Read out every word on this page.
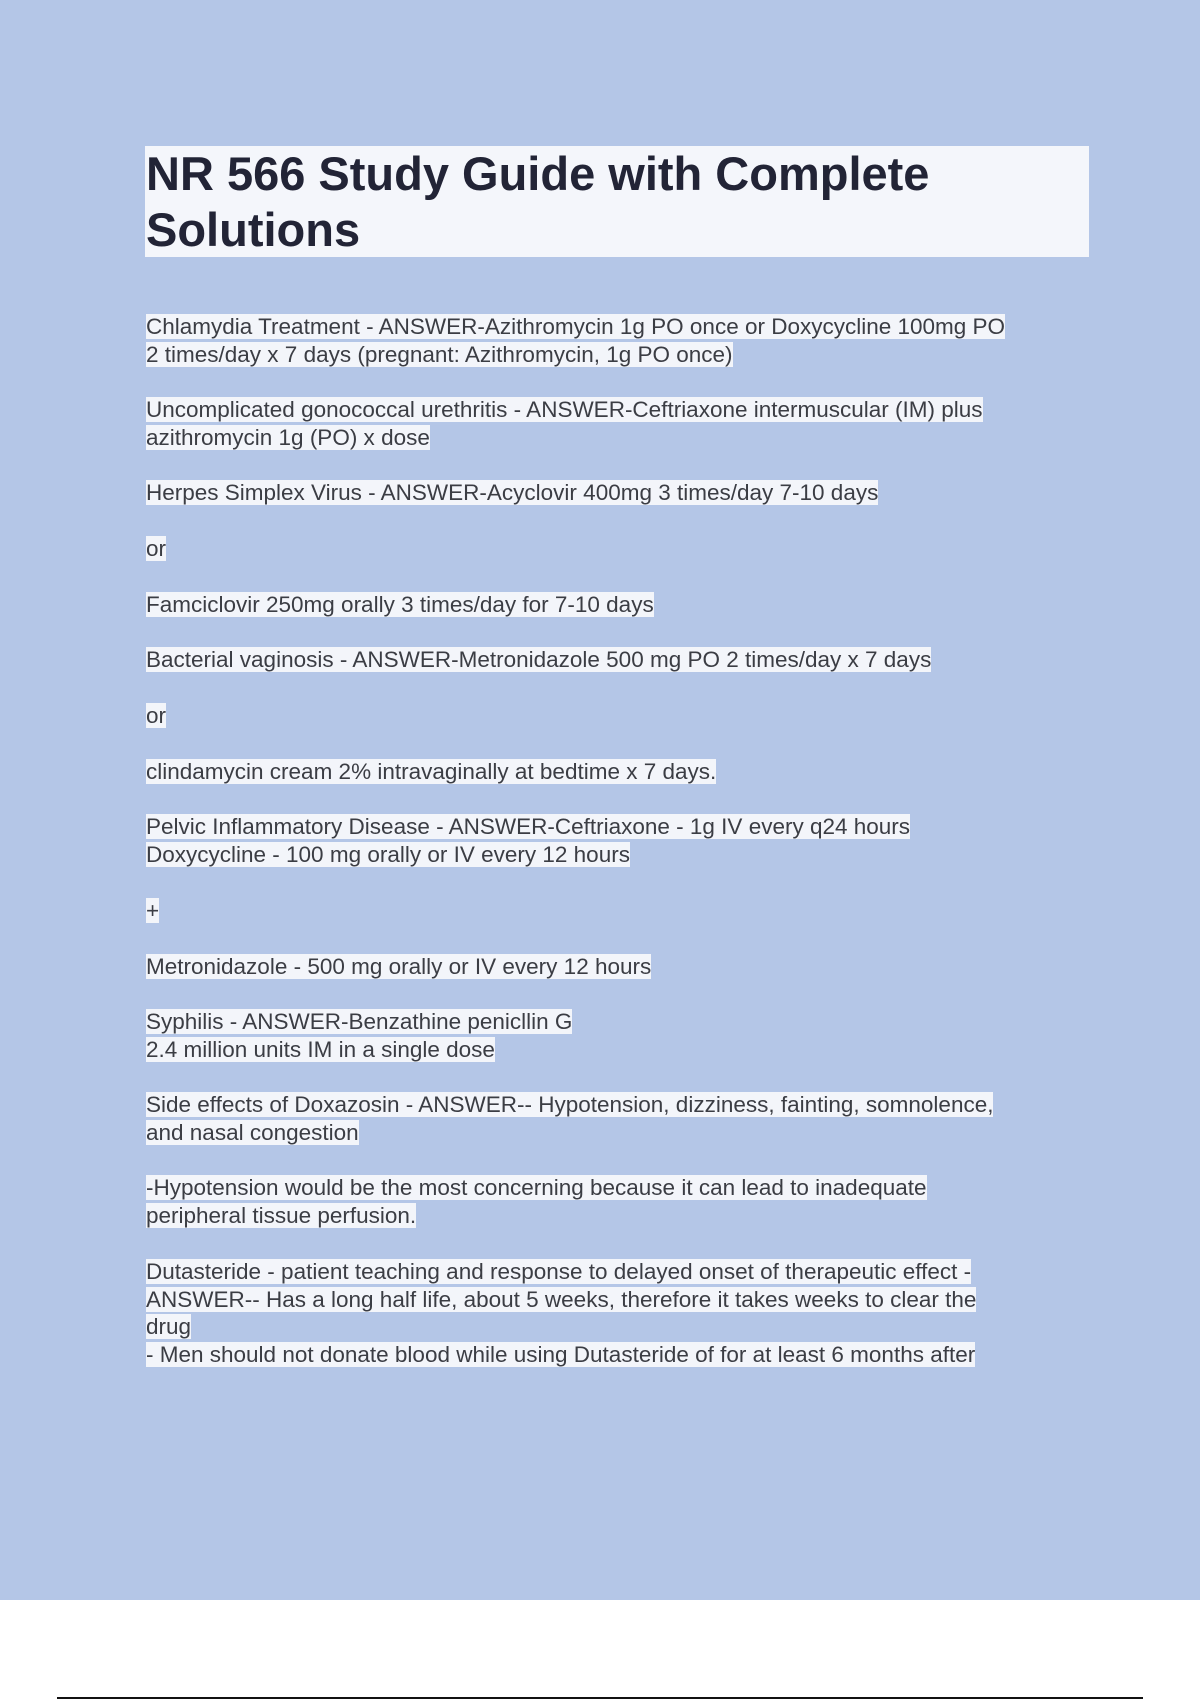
NR 566 Study Guide with Complete Solutions

Chlamydia Treatment - ANSWER-Azithromycin 1g PO once or Doxycycline 100mg PO
2 times/day x 7 days (pregnant: Azithromycin, 1g PO once)

Uncomplicated gonococcal urethritis - ANSWER-Ceftriaxone intermuscular (IM) plus
azithromycin 1g (PO) x dose

Herpes Simplex Virus - ANSWER-Acyclovir 400mg 3 times/day 7-10 days

or

Famciclovir 250mg orally 3 times/day for 7-10 days

Bacterial vaginosis - ANSWER-Metronidazole 500 mg PO 2 times/day x 7 days

or

clindamycin cream 2% intravaginally at bedtime x 7 days.

Pelvic Inflammatory Disease - ANSWER-Ceftriaxone - 1g IV every q24 hours
Doxycycline - 100 mg orally or IV every 12 hours

+

Metronidazole - 500 mg orally or IV every 12 hours

Syphilis - ANSWER-Benzathine penicllin G
2.4 million units IM in a single dose

Side effects of Doxazosin - ANSWER-- Hypotension, dizziness, fainting, somnolence,
and nasal congestion

-Hypotension would be the most concerning because it can lead to inadequate
peripheral tissue perfusion.

Dutasteride - patient teaching and response to delayed onset of therapeutic effect -
ANSWER-- Has a long half life, about 5 weeks, therefore it takes weeks to clear the
drug
- Men should not donate blood while using Dutasteride of for at least 6 months after
